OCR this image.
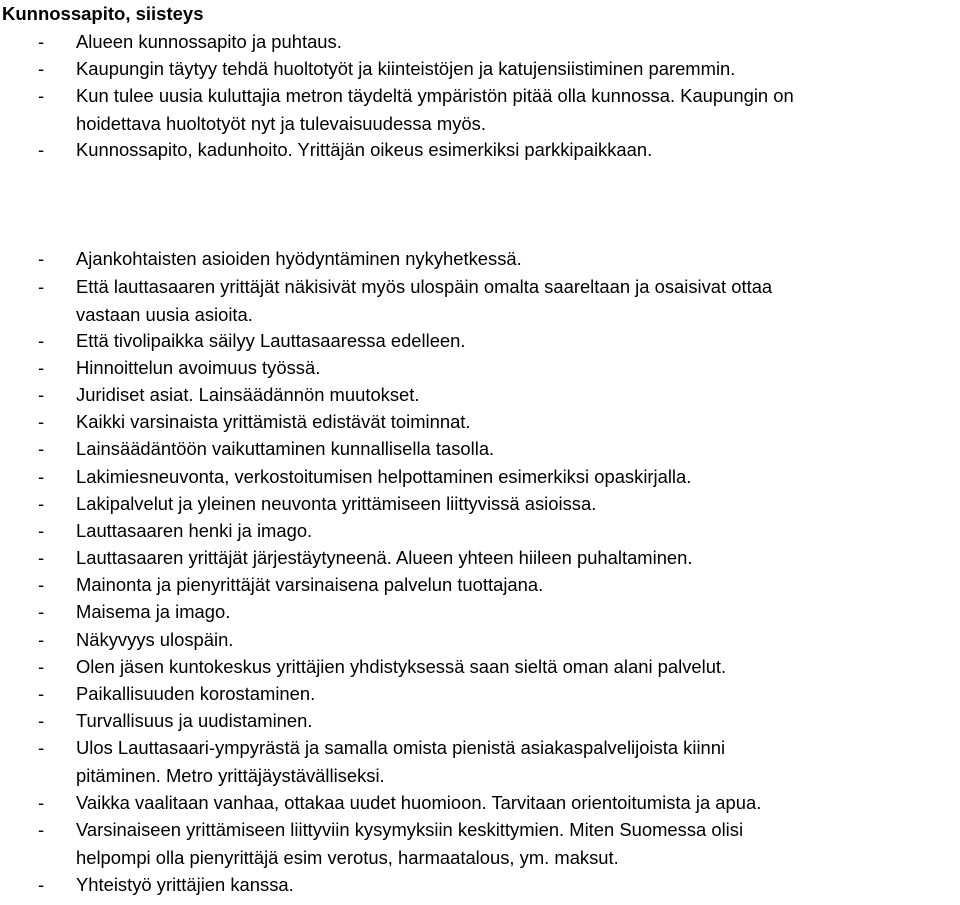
Kunnossapito, siisteys
-	Alueen kunnossapito ja puhtaus.
-	Kaupungin täytyy tehdä huoltotyöt ja kiinteistöjen ja katujensiistiminen paremmin.
-	Kun tulee uusia kuluttajia metron täydeltä ympäristön pitää olla kunnossa. Kaupungin on
hoidettava huoltotyöt nyt ja tulevaisuudessa myös.
-	Kunnossapito, kadunhoito. Yrittäjän oikeus esimerkiksi parkkipaikkaan.
-	Ajankohtaisten asioiden hyödyntäminen nykyhetkessä.
-	Että lauttasaaren yrittäjät näkisivät myös ulospäin omalta saareltaan ja osaisivat ottaa
vastaan uusia asioita.
-	Että tivolipaikka säilyy Lauttasaaressa edelleen.
-	Hinnoittelun avoimuus työssä.
-	Juridiset asiat. Lainsäädännön muutokset.
-	Kaikki varsinaista yrittämistä edistävät toiminnat.
-	Lainsäädäntöön vaikuttaminen kunnallisella tasolla.
-	Lakimiesneuvonta, verkostoitumisen helpottaminen esimerkiksi opaskirjalla.
-	Lakipalvelut ja yleinen neuvonta yrittämiseen liittyvissä asioissa.
-	Lauttasaaren henki ja imago.
-	Lauttasaaren yrittäjät järjestäytyneenä. Alueen yhteen hiileen puhaltaminen.
-	Mainonta ja pienyrittäjät varsinaisena palvelun tuottajana.
-	Maisema ja imago.
-	Näkyvyys ulospäin.
-	Olen jäsen kuntokeskus yrittäjien yhdistyksessä saan sieltä oman alani palvelut.
-	Paikallisuuden korostaminen.
-	Turvallisuus ja uudistaminen.
-	Ulos Lauttasaari-ympyrästä ja samalla omista pienistä asiakaspalvelijoista kiinni
pitäminen. Metro yrittäjäystävälliseksi.
-	Vaikka vaalitaan vanhaa, ottakaa uudet huomioon. Tarvitaan orientoitumista ja apua.
-	Varsinaiseen yrittämiseen liittyviin kysymyksiin keskittymien. Miten Suomessa olisi
helpompi olla pienyrittäjä esim verotus, harmaatalous, ym. maksut.
-	Yhteistyö yrittäjien kanssa.
